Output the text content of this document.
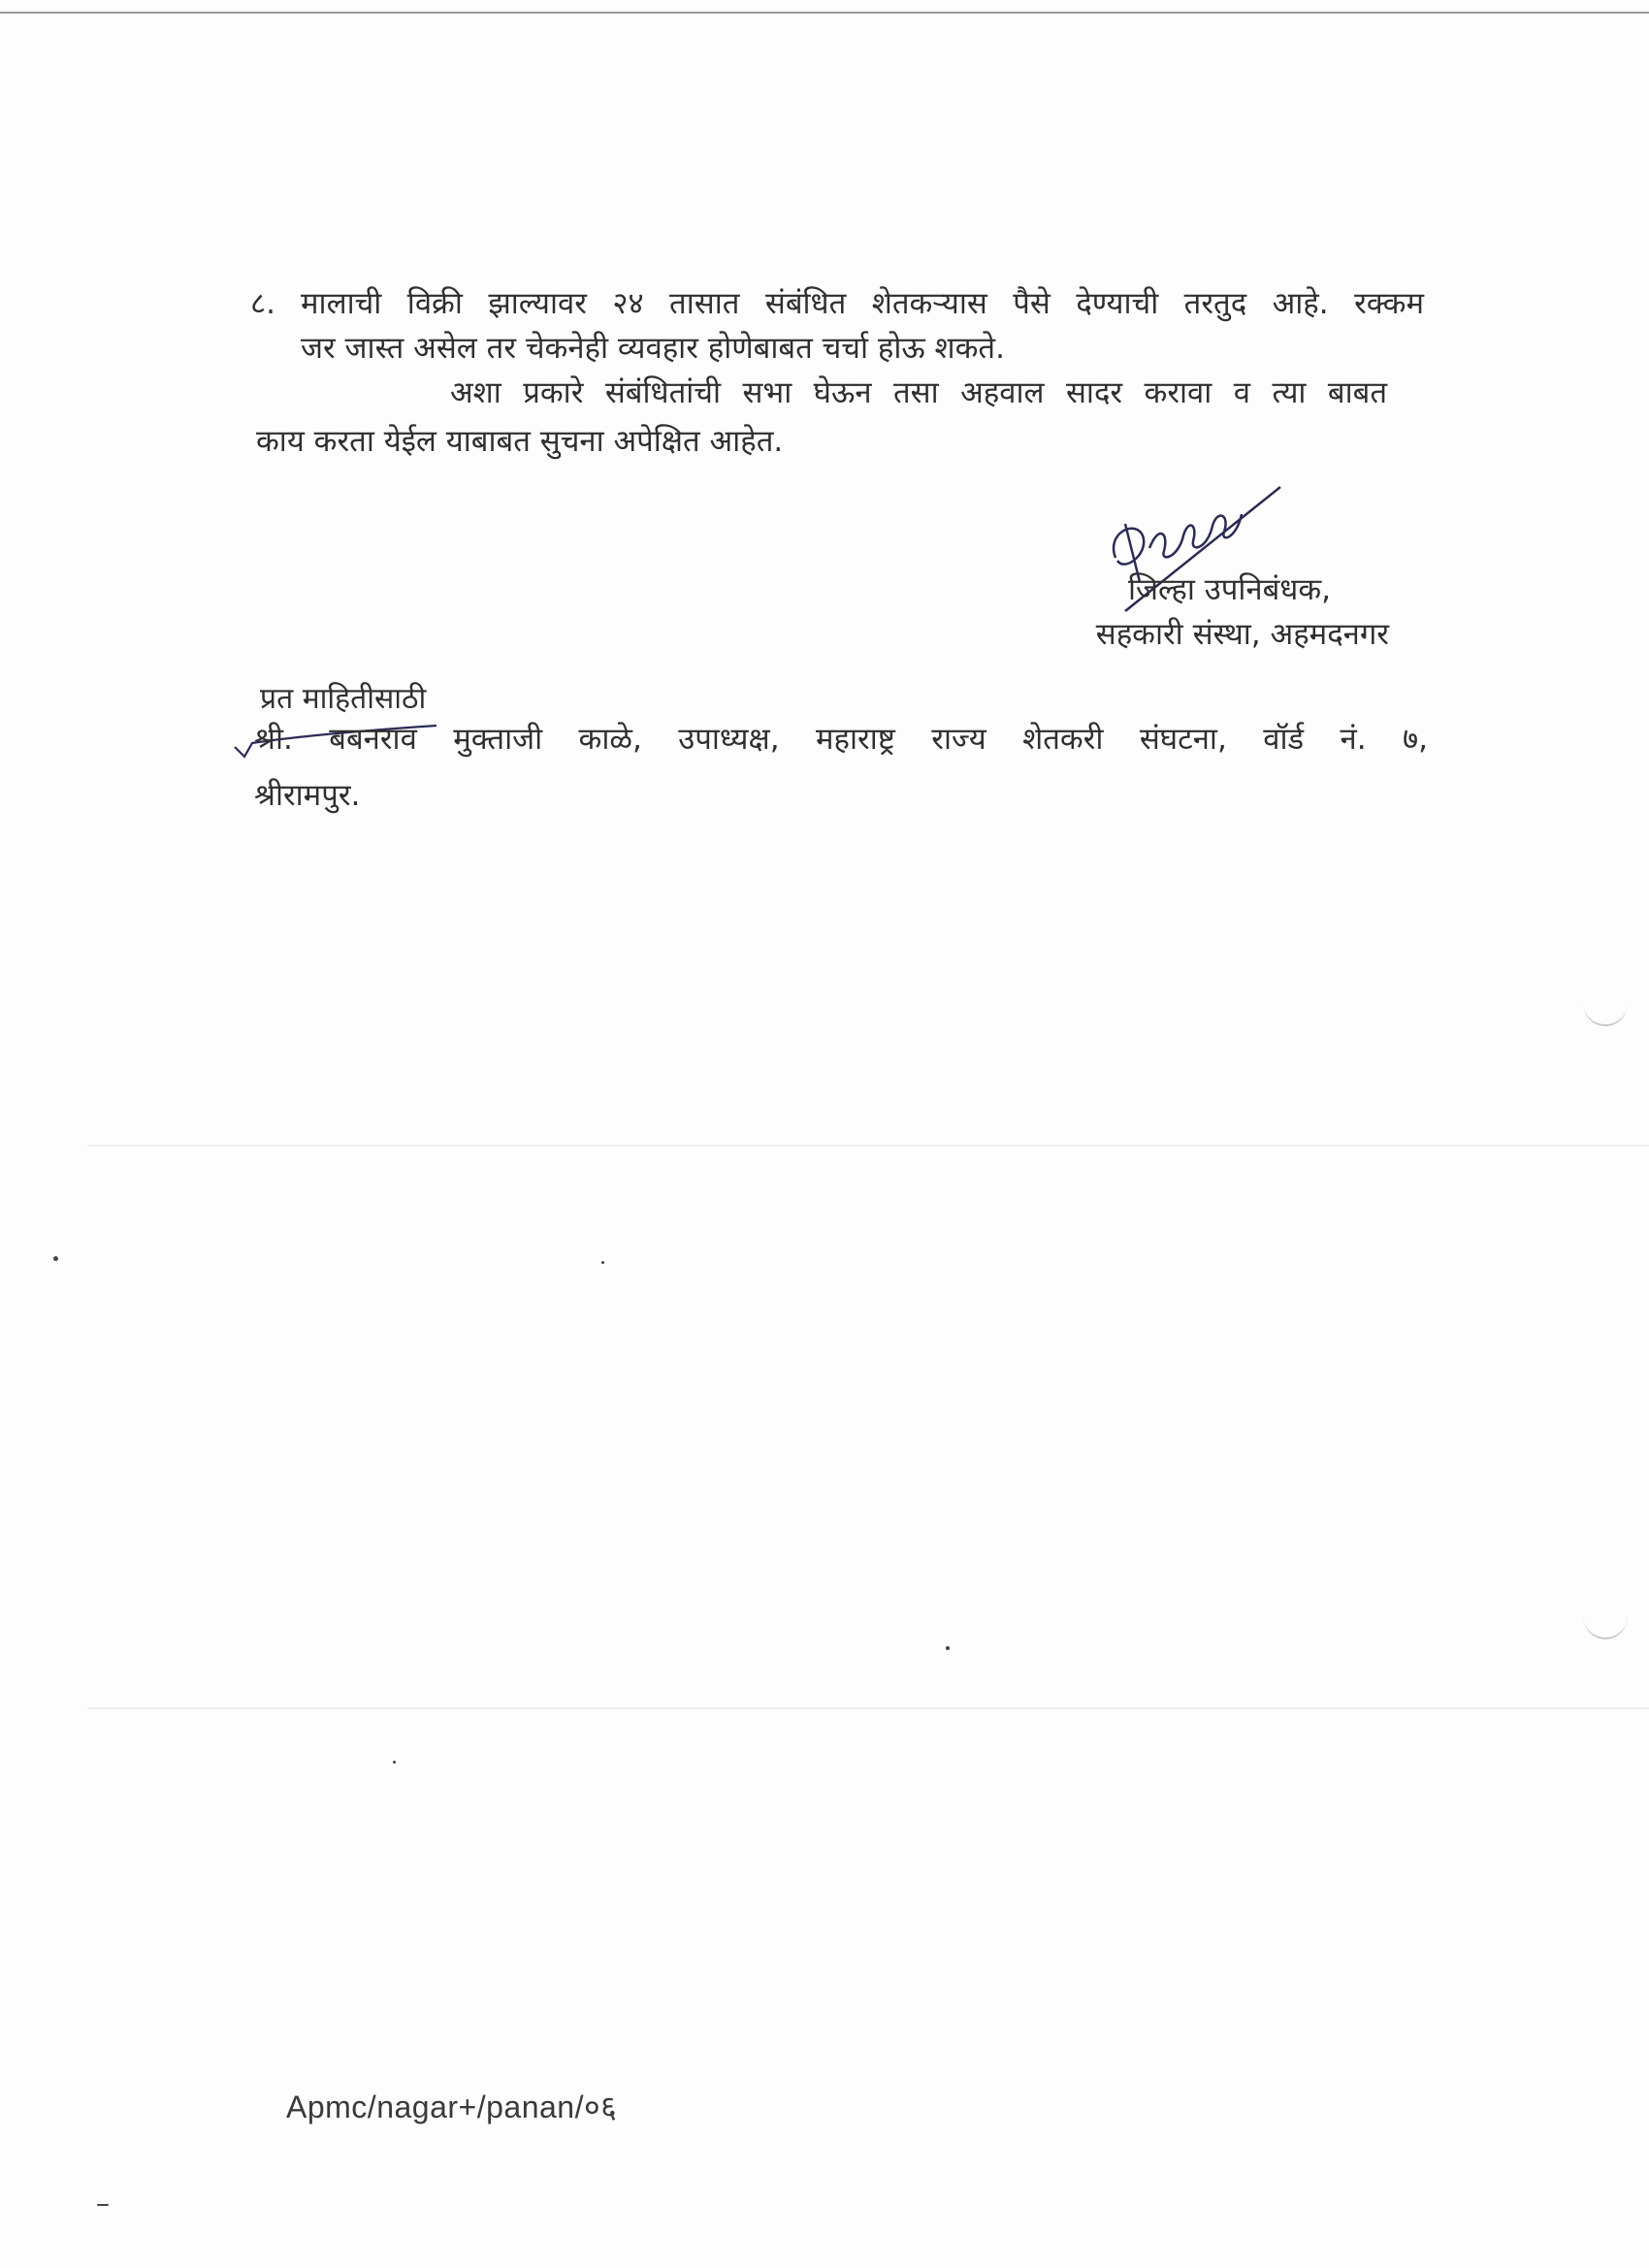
८. मालाची विक्री झाल्यावर २४ तासात संबंधित शेतकऱ्यास पैसे देण्याची तरतुद आहे. रक्कम
जर जास्त असेल तर चेकनेही व्यवहार होणेबाबत चर्चा होऊ शकते.
अशा प्रकारे संबंधितांची सभा घेऊन तसा अहवाल सादर करावा व त्या बाबत
काय करता येईल याबाबत सुचना अपेक्षित आहेत.
जिल्हा उपनिबंधक,
सहकारी संस्था, अहमदनगर
प्रत माहितीसाठी
श्री. बबनराव मुक्ताजी काळे, उपाध्यक्ष, महाराष्ट्र राज्य शेतकरी संघटना, वॉर्ड नं. ७,
श्रीरामपुर.
Apmc/nagar+/panan/०६
